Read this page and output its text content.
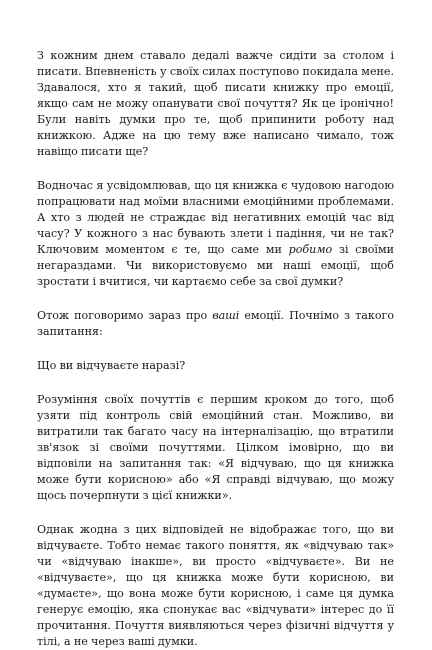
З кожним днем ставало дедалі важче сидіти за столом і писати. Впевненість у своїх силах поступово покидала мене. Здавалося, хто я такий, щоб писати книжку про емоції, якщо сам не можу опанувати свої почуття? Як це іронічно! Були навіть думки про те, щоб припинити роботу над книжкою. Адже на цю тему вже написано чимало, тож навіщо писати ще?

Водночас я усвідомлював, що ця книжка є чудовою нагодою попрацювати над моїми власними емоційними проблемами. А хто з людей не страждає від негативних емоцій час від часу? У кожного з нас бувають злети і падіння, чи не так? Ключовим моментом є те, що саме ми робимо зі своїми негараздами. Чи використовуємо ми наші емоції, щоб зростати і вчитися, чи картаємо себе за свої думки?

Отож поговоримо зараз про ваші емоції. Почнімо з такого запитання:

Що ви відчуваєте наразі?

Розуміння своїх почуттів є першим кроком до того, щоб узяти під контроль свій емоційний стан. Можливо, ви витратили так багато часу на інтерналізацію, що втратили зв'язок зі своїми почуттями. Цілком імовірно, що ви відповіли на запитання так: «Я відчуваю, що ця книжка може бути корисною» або «Я справді відчуваю, що можу щось почерпнути з цієї книжки».

Однак жодна з цих відповідей не відображає того, що ви відчуваєте. Тобто немає такого поняття, як «відчуваю так» чи «відчуваю інакше», ви просто «відчуваєте». Ви не «відчуваєте», що ця книжка може бути корисною, ви «думаєте», що вона може бути корисною, і саме ця думка генерує емоцію, яка спонукає вас «відчувати» інтерес до її прочитання. Почуття виявляються через фізичні відчуття у тілі, а не через ваші думки.
